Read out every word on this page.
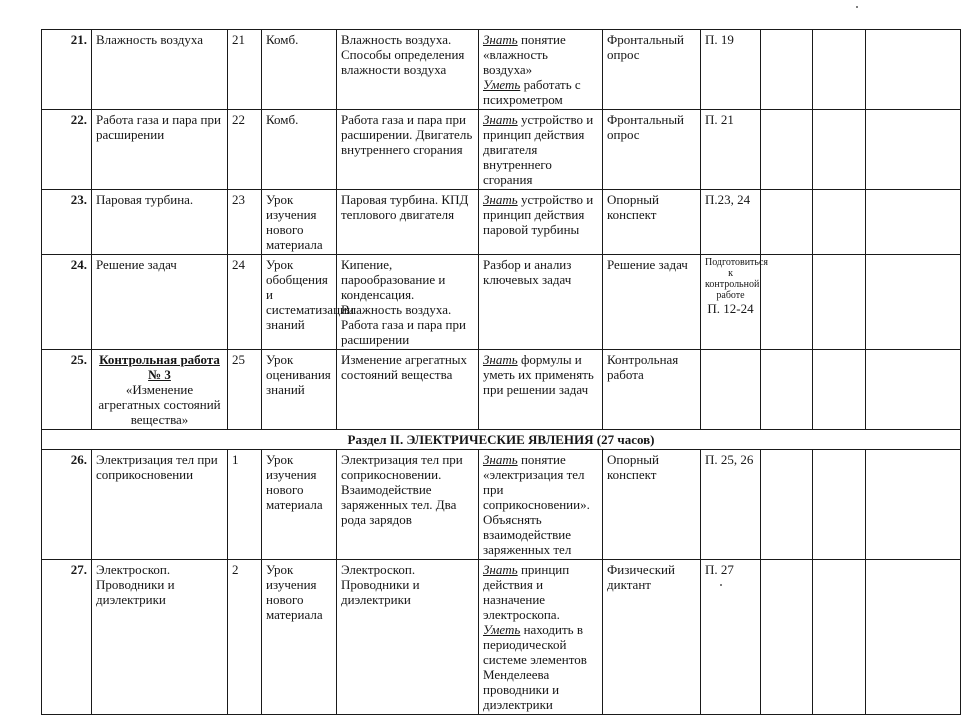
21.	Влажность воздуха	21	Комб.	Влажность воздуха. Способы определения влажности воздуха	Знать понятие «влажность воздуха»
Уметь работать с психрометром	Фронтальный опрос	П. 19			
22.	Работа газа и пара при расширении	22	Комб.	Работа газа и пара при расширении. Двигатель внутреннего сгорания	Знать устройство и принцип действия двигателя внутреннего сгорания	Фронтальный опрос	П. 21			
23.	Паровая турбина.	23	Урок изучения нового материала	Паровая турбина. КПД теплового двигателя	Знать устройство и принцип действия паровой турбины	Опорный конспект	П.23, 24			
24.	Решение задач	24	Урок обобщения и систематизации знаний	Кипение, парообразование и конденсация. Влажность воздуха. Работа газа и пара при расширении	Разбор и анализ ключевых задач	Решение задач	Подготовиться к контрольной работе
П. 12-24			

25.	Контрольная работа № 3
«Изменение агрегатных состояний вещества»	25	Урок оценивания знаний	Изменение агрегатных состояний вещества	Знать формулы и уметь их применять при решении задач	Контрольная работа				
Раздел II. ЭЛЕКТРИЧЕСКИЕ ЯВЛЕНИЯ (27 часов)										
26.	Электризация тел при соприкосновении	1	Урок изучения нового материала	Электризация тел при соприкосновении. Взаимодействие заряженных тел. Два рода зарядов	Знать понятие «электризация тел при соприкосновении». Объяснять взаимодействие заряженных тел	Опорный конспект	П. 25, 26			
27.	Электроскоп. Проводники и диэлектрики	2	Урок изучения нового материала	Электроскоп. Проводники и диэлектрики	Знать принцип действия и назначение электроскопа.
Уметь находить в периодической системе элементов Менделеева проводники и диэлектрики	Физический диктант	П. 27			
